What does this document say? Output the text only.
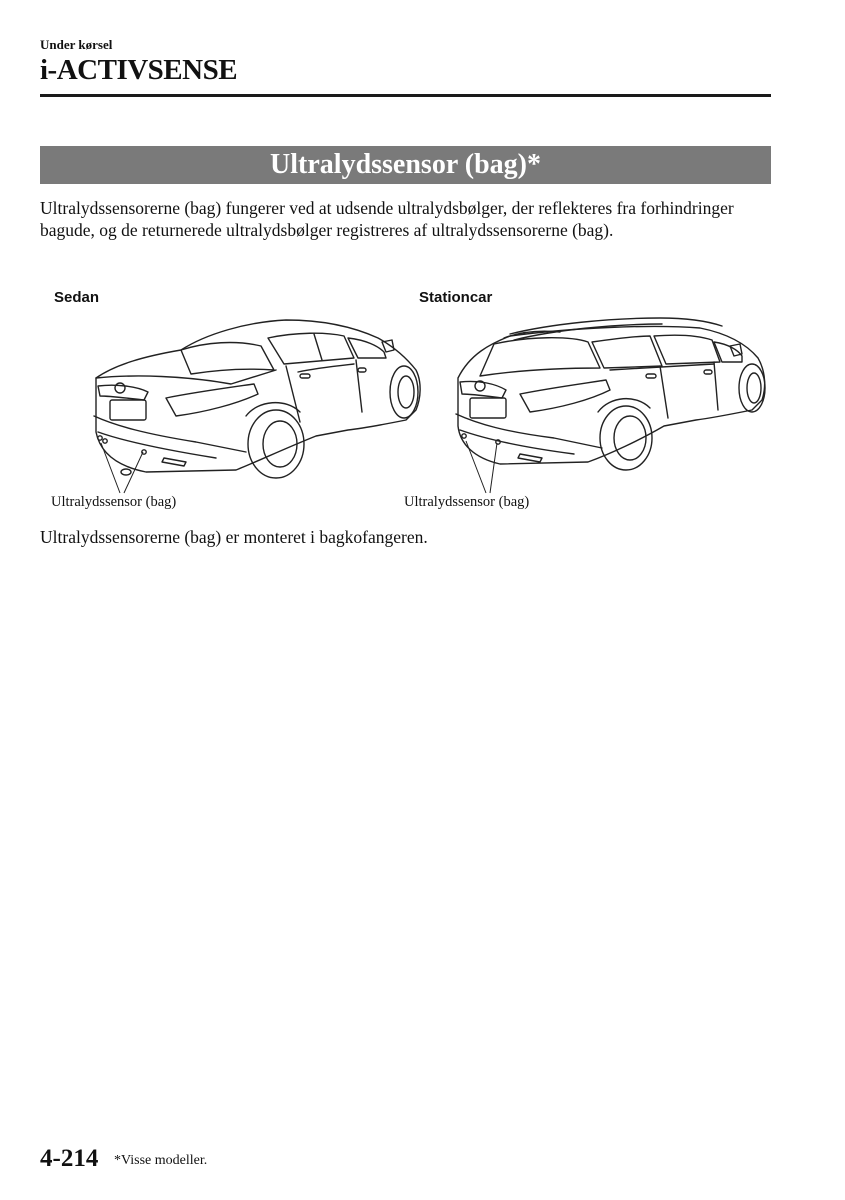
Under kørsel
i-ACTIVSENSE
Ultralydssensor (bag)*

Ultralydssensorerne (bag) fungerer ved at udsende ultralydsbølger, der reflekteres fra forhindringer bagude, og de returnerede ultralydsbølger registreres af ultralydssensorerne (bag).

Sedan
Ultralydssensor (bag)
Stationcar
Ultralydssensor (bag)

Ultralydssensorerne (bag) er monteret i bagkofangeren.

4-214 *Visse modeller.
